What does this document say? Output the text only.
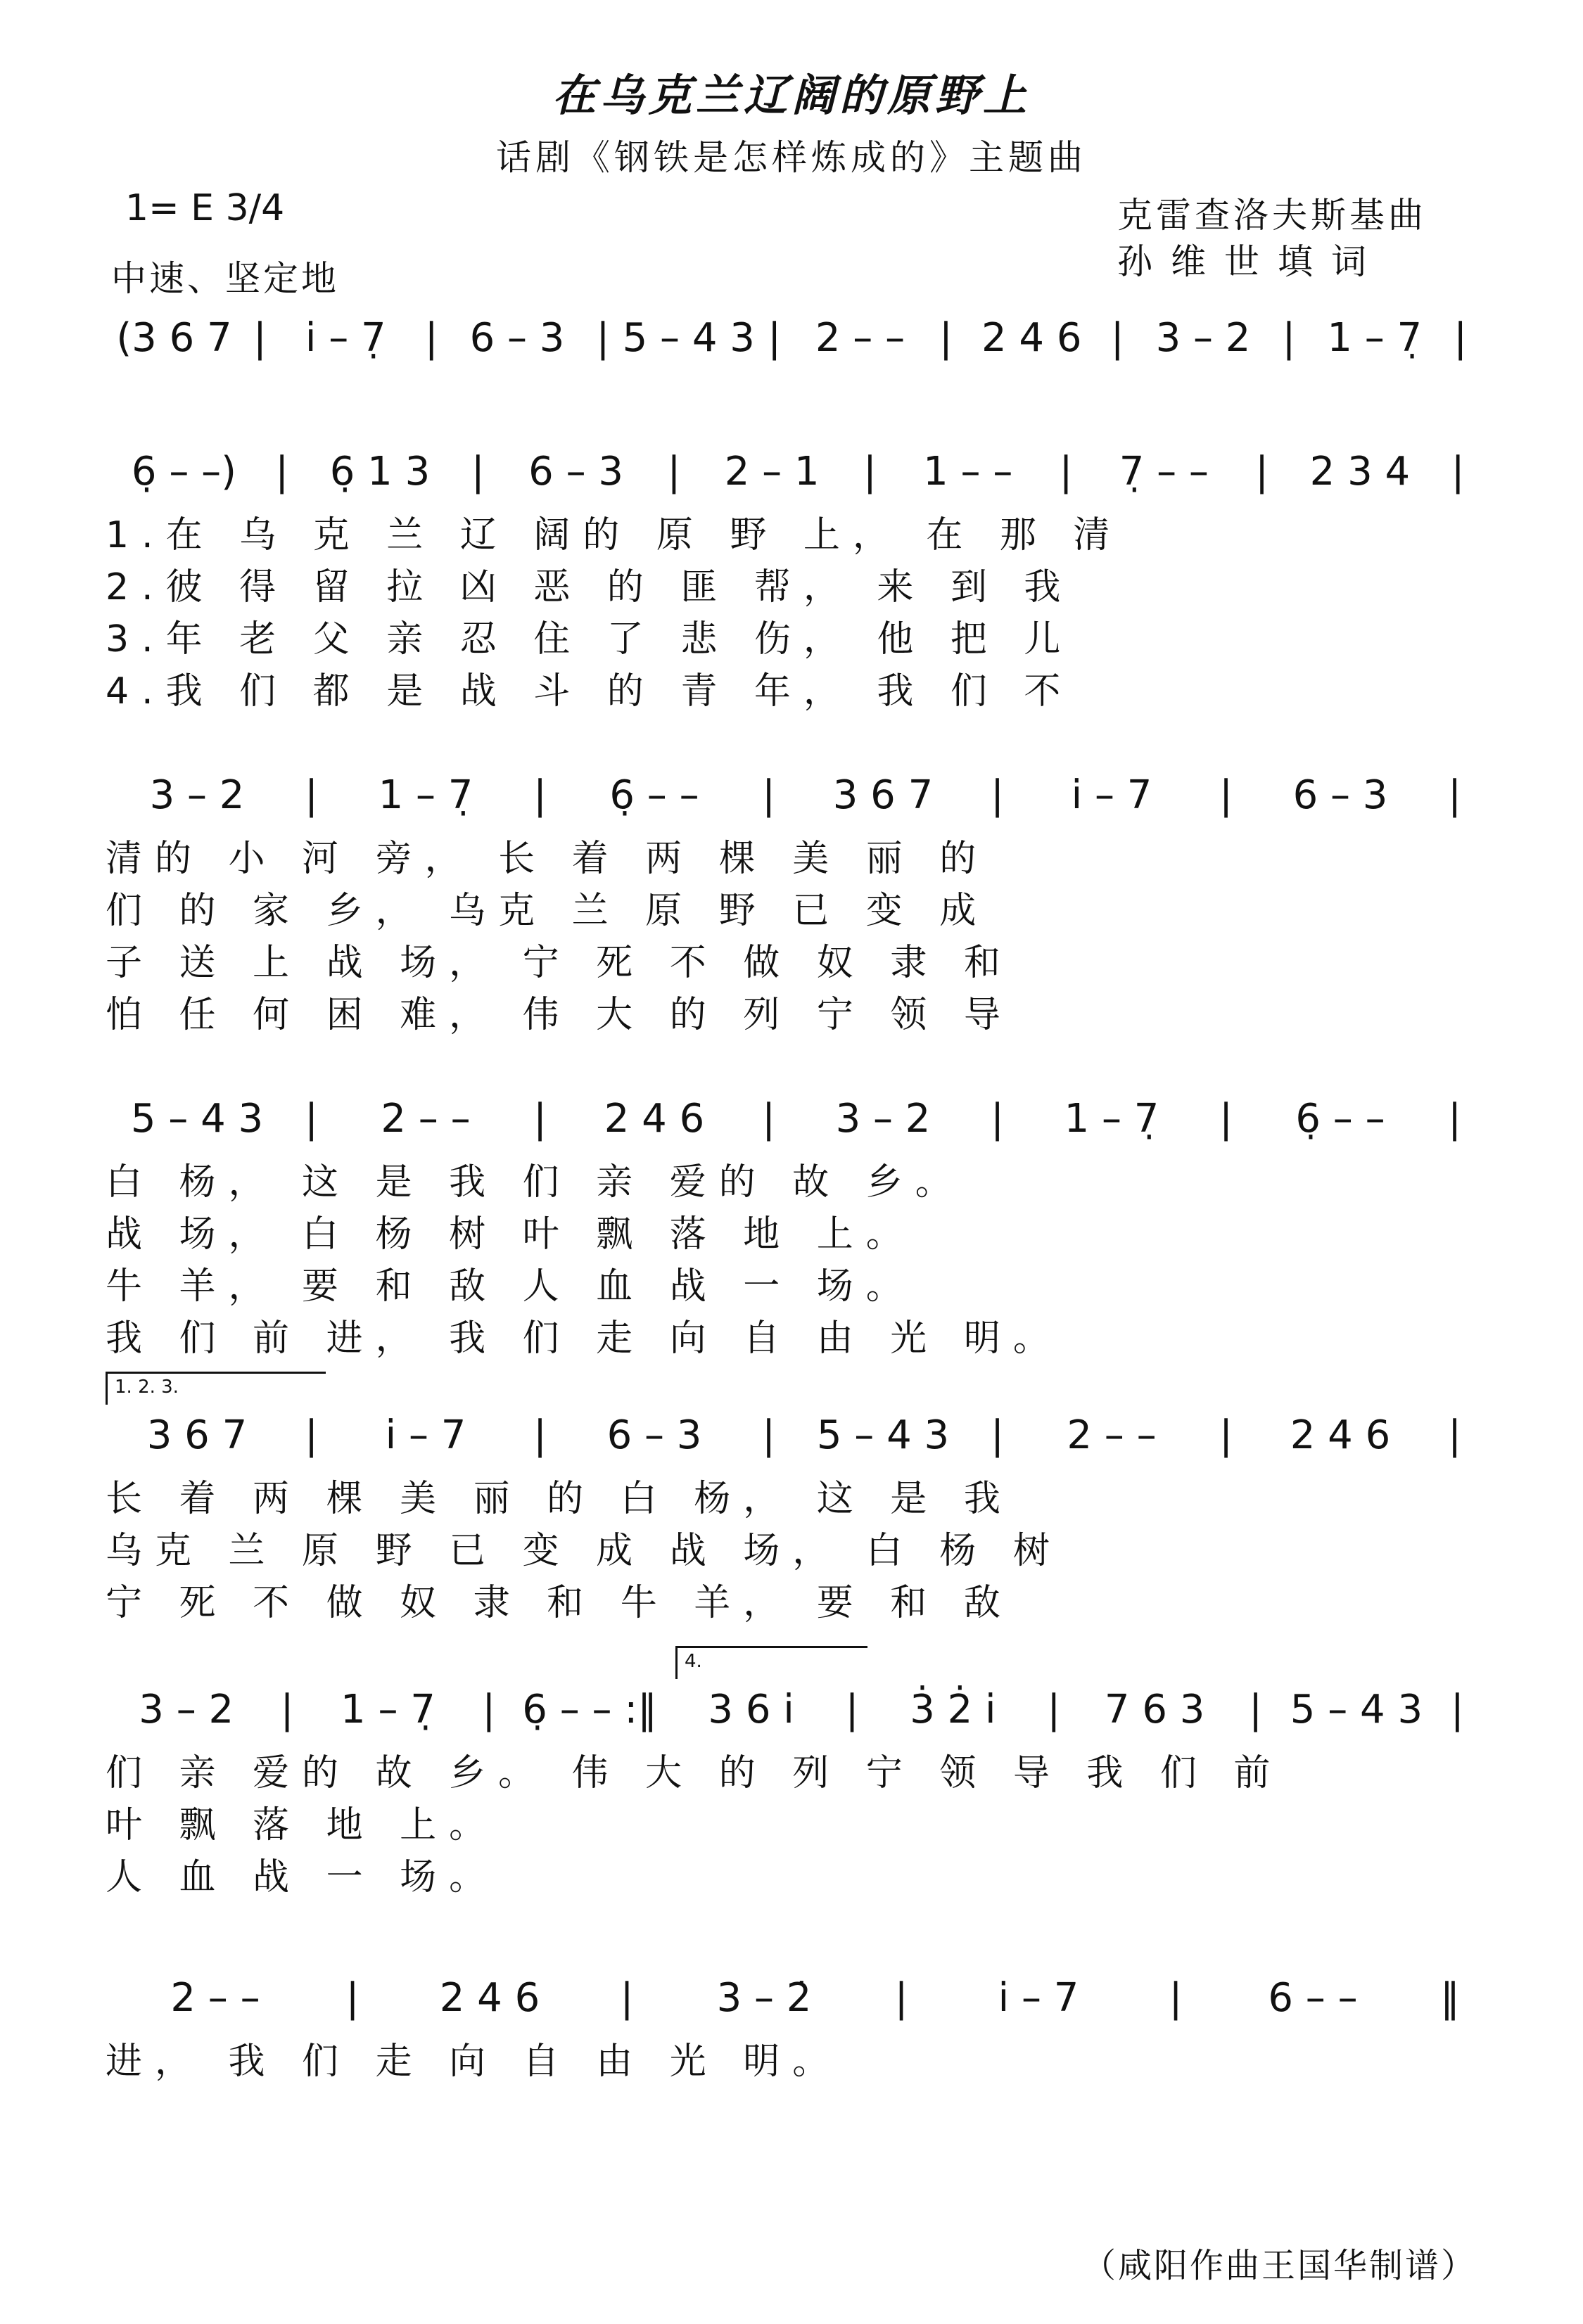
在乌克兰辽阔的原野上
话剧《钢铁是怎样炼成的》主题曲
1= E 3/4
中速、坚定地
克雷查洛夫斯基曲
孙维世填词
(3 6 7 | i̇ – 7̣ | 6 – 3 | 5 – 4 3 | 2 – – | 2 4 6 | 3 – 2 | 1 – 7̣ |
6̣ – –) |	6̣ 1 3	|	6 – 3	|	2 – 1	|	1 – –	|	7̣ – –	|	2 3 4	|
1.在 乌 克 兰 辽 阔的 原 野 上， 在 那 清
2.彼 得 留 拉 凶 恶 的 匪 帮， 来 到 我
3.年 老 父 亲 忍 住 了 悲 伤， 他 把 儿
4.我 们 都 是 战 斗 的 青 年， 我 们 不
3 – 2	|	1 – 7̣	|	6̣ – –	|	3 6 7	|	i̇ – 7	|	6 – 3	|
清的 小 河 旁， 长 着 两 棵 美 丽 的
们 的 家 乡， 乌克 兰 原 野 已 变 成
子 送 上 战 场， 宁 死 不 做 奴 隶 和
怕 任 何 困 难， 伟 大 的 列 宁 领 导
5 – 4 3	|	2 – –	|	2 4 6	|	3 – 2	|	1 – 7̣	|	6̣ – –	|
白 杨， 这 是 我 们 亲 爱的 故 乡。
战 场， 白 杨 树 叶 飘 落 地 上。
牛 羊， 要 和 敌 人 血 战 一 场。
我 们 前 进， 我 们 走 向 自 由 光 明。
1. 2. 3.
3 6 7	|	i̇ – 7	|	6 – 3	|	5 – 4 3	|	2 – –	|	2 4 6	|
长 着 两 棵 美 丽 的 白 杨， 这 是 我
乌克 兰 原 野 已 变 成 战 场， 白 杨 树
宁 死 不 做 奴 隶 和 牛 羊， 要 和 敌
4.
3 – 2	|	1 – 7̣	| 6̣ – – :‖	3 6 i̇	|	3̇ 2̇ i̇	|	7 6 3	| 5 – 4 3 |
们 亲 爱的 故 乡。 伟 大 的 列 宁 领 导 我 们 前
叶 飘 落 地 上。
人 血 战 一 场。
2 – –	|	2 4 6	|	3 – 2̇	|	i̇ – 7	|	6 – –	‖
进， 我 们 走 向 自 由 光 明。
（咸阳作曲王国华制谱）
